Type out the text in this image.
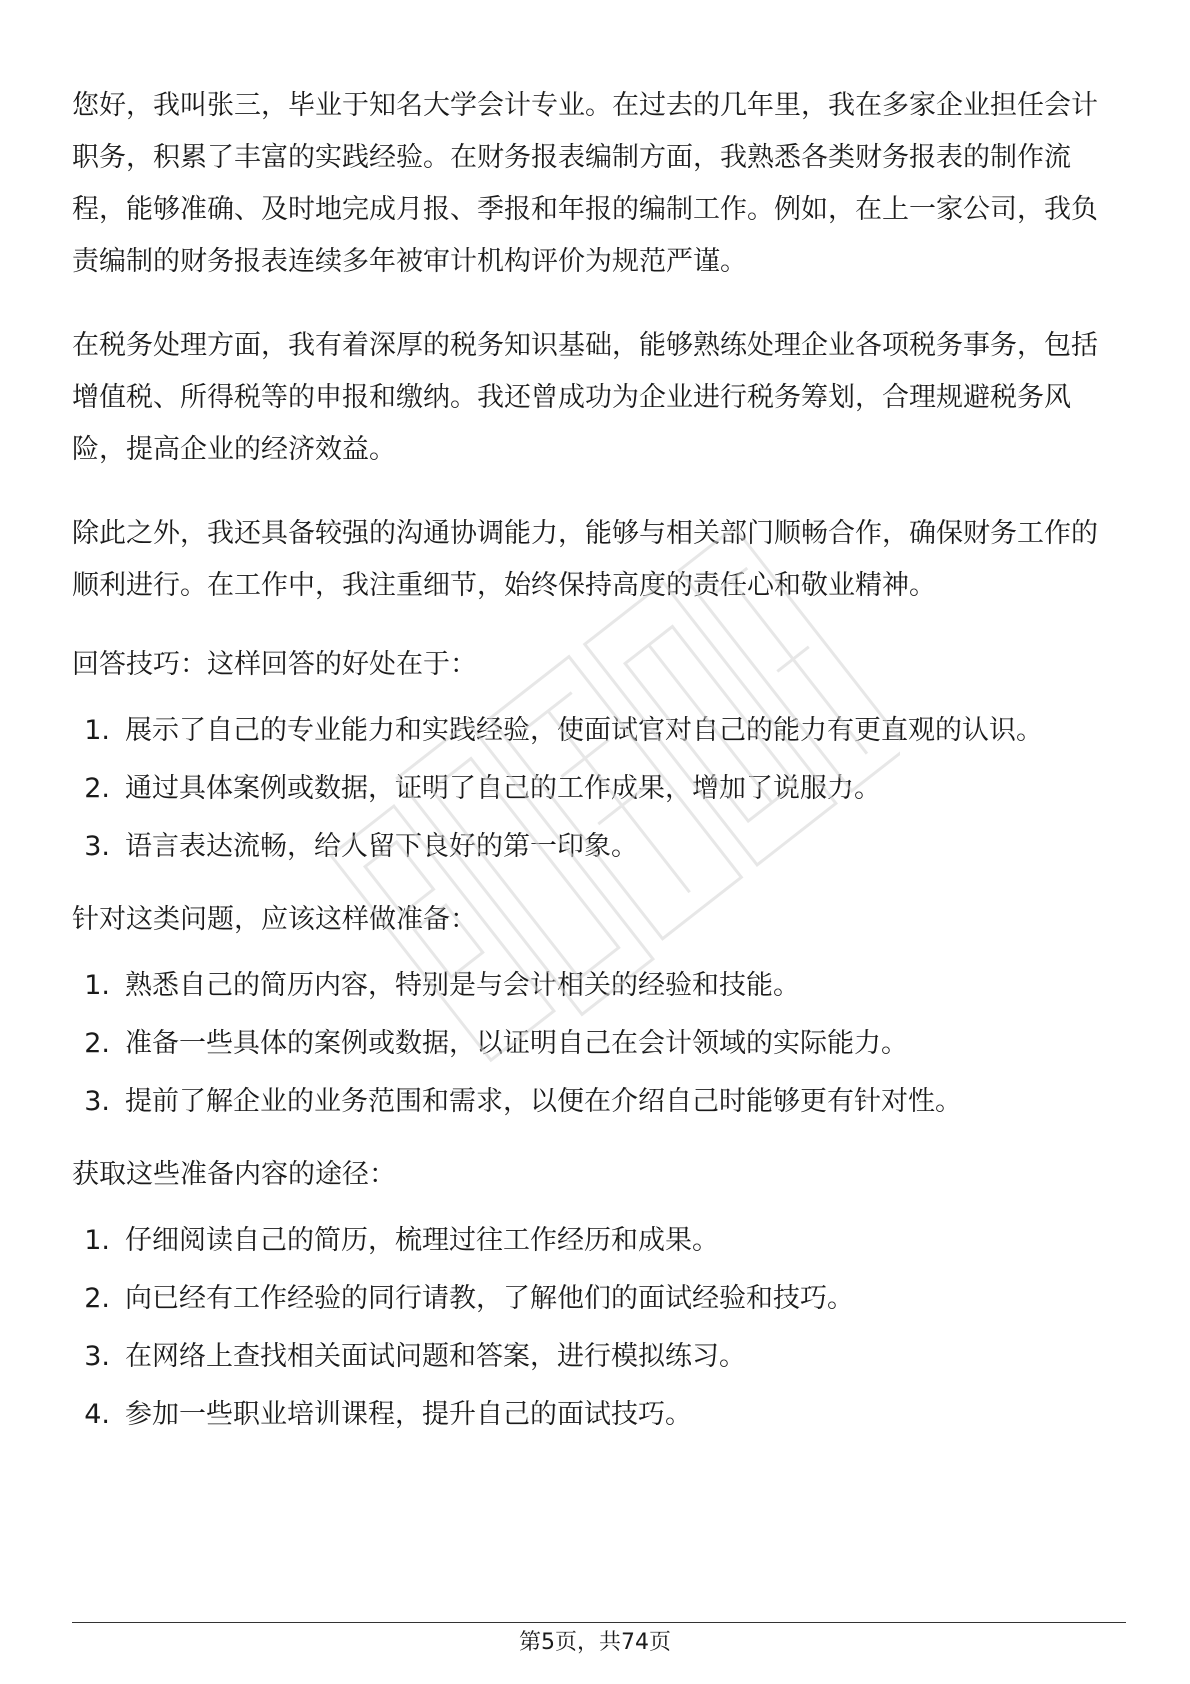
您好，我叫张三，毕业于知名大学会计专业。在过去的几年里，我在多家企业担任会计职务，积累了丰富的实践经验。在财务报表编制方面，我熟悉各类财务报表的制作流程，能够准确、及时地完成月报、季报和年报的编制工作。例如，在上一家公司，我负责编制的财务报表连续多年被审计机构评价为规范严谨。

在税务处理方面，我有着深厚的税务知识基础，能够熟练处理企业各项税务事务，包括增值税、所得税等的申报和缴纳。我还曾成功为企业进行税务筹划，合理规避税务风险，提高企业的经济效益。

除此之外，我还具备较强的沟通协调能力，能够与相关部门顺畅合作，确保财务工作的顺利进行。在工作中，我注重细节，始终保持高度的责任心和敬业精神。

回答技巧：这样回答的好处在于：

1. 展示了自己的专业能力和实践经验，使面试官对自己的能力有更直观的认识。
2. 通过具体案例或数据，证明了自己的工作成果，增加了说服力。
3. 语言表达流畅，给人留下良好的第一印象。

针对这类问题，应该这样做准备：

1. 熟悉自己的简历内容，特别是与会计相关的经验和技能。
2. 准备一些具体的案例或数据，以证明自己在会计领域的实际能力。
3. 提前了解企业的业务范围和需求，以便在介绍自己时能够更有针对性。

获取这些准备内容的途径：

1. 仔细阅读自己的简历，梳理过往工作经历和成果。
2. 向已经有工作经验的同行请教，了解他们的面试经验和技巧。
3. 在网络上查找相关面试问题和答案，进行模拟练习。
4. 参加一些职业培训课程，提升自己的面试技巧。
第5页，共74页
